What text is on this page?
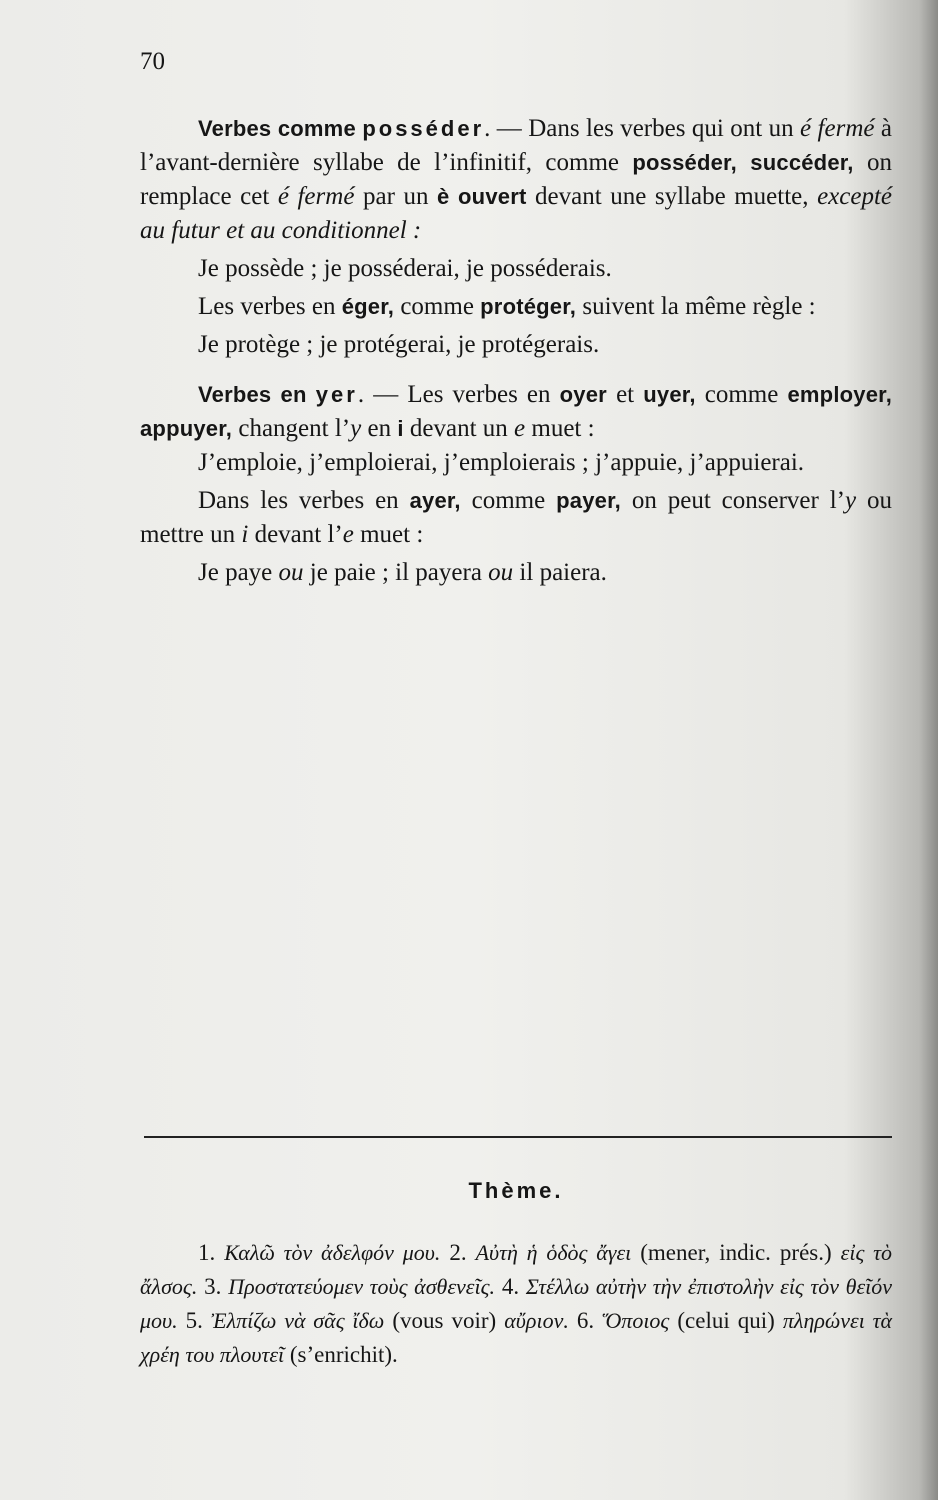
70

Verbes comme posséder. — Dans les verbes qui ont un é fermé à l’avant-dernière syllabe de l’infinitif, comme posséder, succéder, on remplace cet é fermé par un è ouvert devant une syllabe muette, excepté au futur et au conditionnel :

Je possède ; je posséderai, je posséderais.

Les verbes en éger, comme protéger, suivent la même règle :

Je protège ; je protégerai, je protégerais.

Verbes en yer. — Les verbes en oyer et uyer, comme employer, appuyer, changent l’y en i devant un e muet :

J’emploie, j’emploierai, j’emploierais ; j’appuie, j’appuierai.

Dans les verbes en ayer, comme payer, on peut conserver l’y ou mettre un i devant l’e muet :

Je paye ou je paie ; il payera ou il paiera.

Thème.

1. Καλῶ τὸν ἀδελφόν μου. 2. Αὐτὴ ἡ ὁδὸς ἄγει (mener, indic. prés.) εἰς τὸ ἄλσος. 3. Προστατεύομεν τοὺς ἀσθενεῖς. 4. Στέλλω αὐτὴν τὴν ἐπιστολὴν εἰς τὸν θεῖόν μου. 5. Ἐλπίζω νὰ σᾶς ἴδω (vous voir) αὔριον. 6. Ὅποιος (celui qui) πληρώνει τὰ χρέη του πλουτεῖ (s’enrichit).
